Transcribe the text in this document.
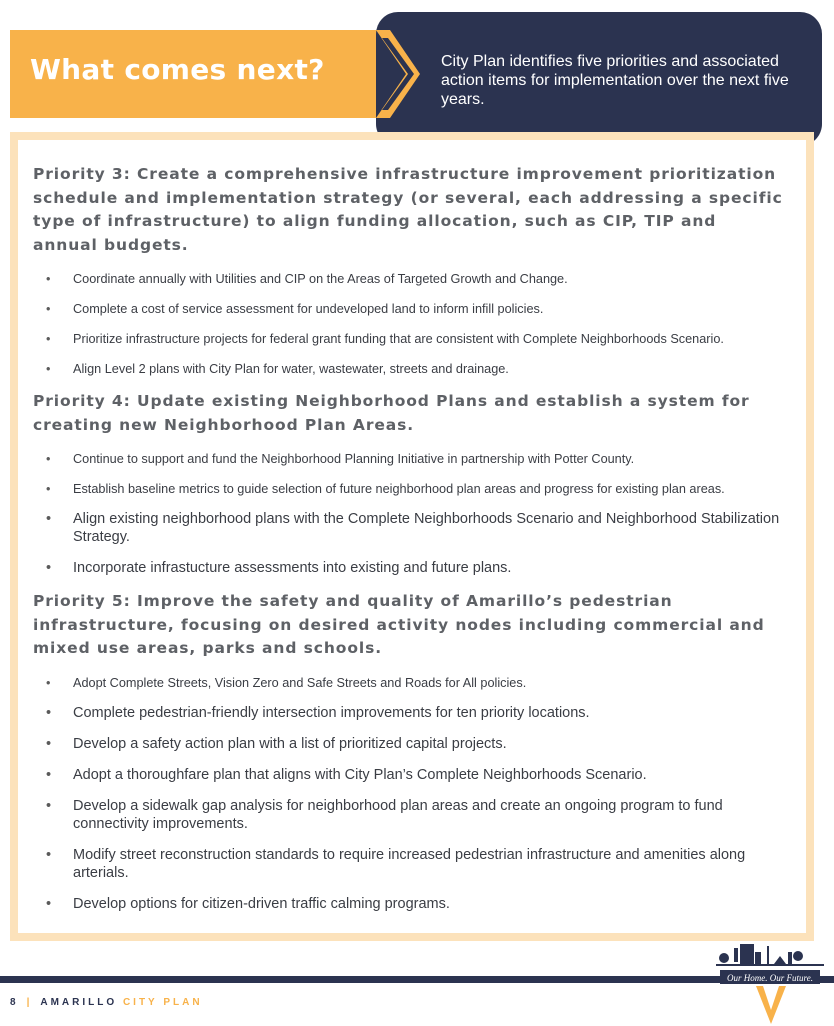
What comes next?	City Plan identifies five priorities and associated action items for implementation over the next five years.
Priority 3: Create a comprehensive infrastructure improvement prioritization schedule and implementation strategy (or several, each addressing a specific type of infrastructure) to align funding allocation, such as CIP, TIP and annual budgets.
• Coordinate annually with Utilities and CIP on the Areas of Targeted Growth and Change.
• Complete a cost of service assessment for undeveloped land to inform infill policies.
• Prioritize infrastructure projects for federal grant funding that are consistent with Complete Neighborhoods Scenario.
• Align Level 2 plans with City Plan for water, wastewater, streets and drainage.
Priority 4: Update existing Neighborhood Plans and establish a system for creating new Neighborhood Plan Areas.
• Continue to support and fund the Neighborhood Planning Initiative in partnership with Potter County.
• Establish baseline metrics to guide selection of future neighborhood plan areas and progress for existing plan areas.
• Align existing neighborhood plans with the Complete Neighborhoods Scenario and Neighborhood Stabilization Strategy.
• Incorporate infrastucture assessments into existing and future plans.
Priority 5: Improve the safety and quality of Amarillo’s pedestrian infrastructure, focusing on desired activity nodes including commercial and mixed use areas, parks and schools.
• Adopt Complete Streets, Vision Zero and Safe Streets and Roads for All policies.
• Complete pedestrian-friendly intersection improvements for ten priority locations.
• Develop a safety action plan with a list of prioritized capital projects.
• Adopt a thoroughfare plan that aligns with City Plan’s Complete Neighborhoods Scenario.
• Develop a sidewalk gap analysis for neighborhood plan areas and create an ongoing program to fund connectivity improvements.
• Modify street reconstruction standards to require increased pedestrian infrastructure and amenities along arterials.
• Develop options for citizen-driven traffic calming programs.
8 | AMARILLO CITY PLAN
Our Home. Our Future.
